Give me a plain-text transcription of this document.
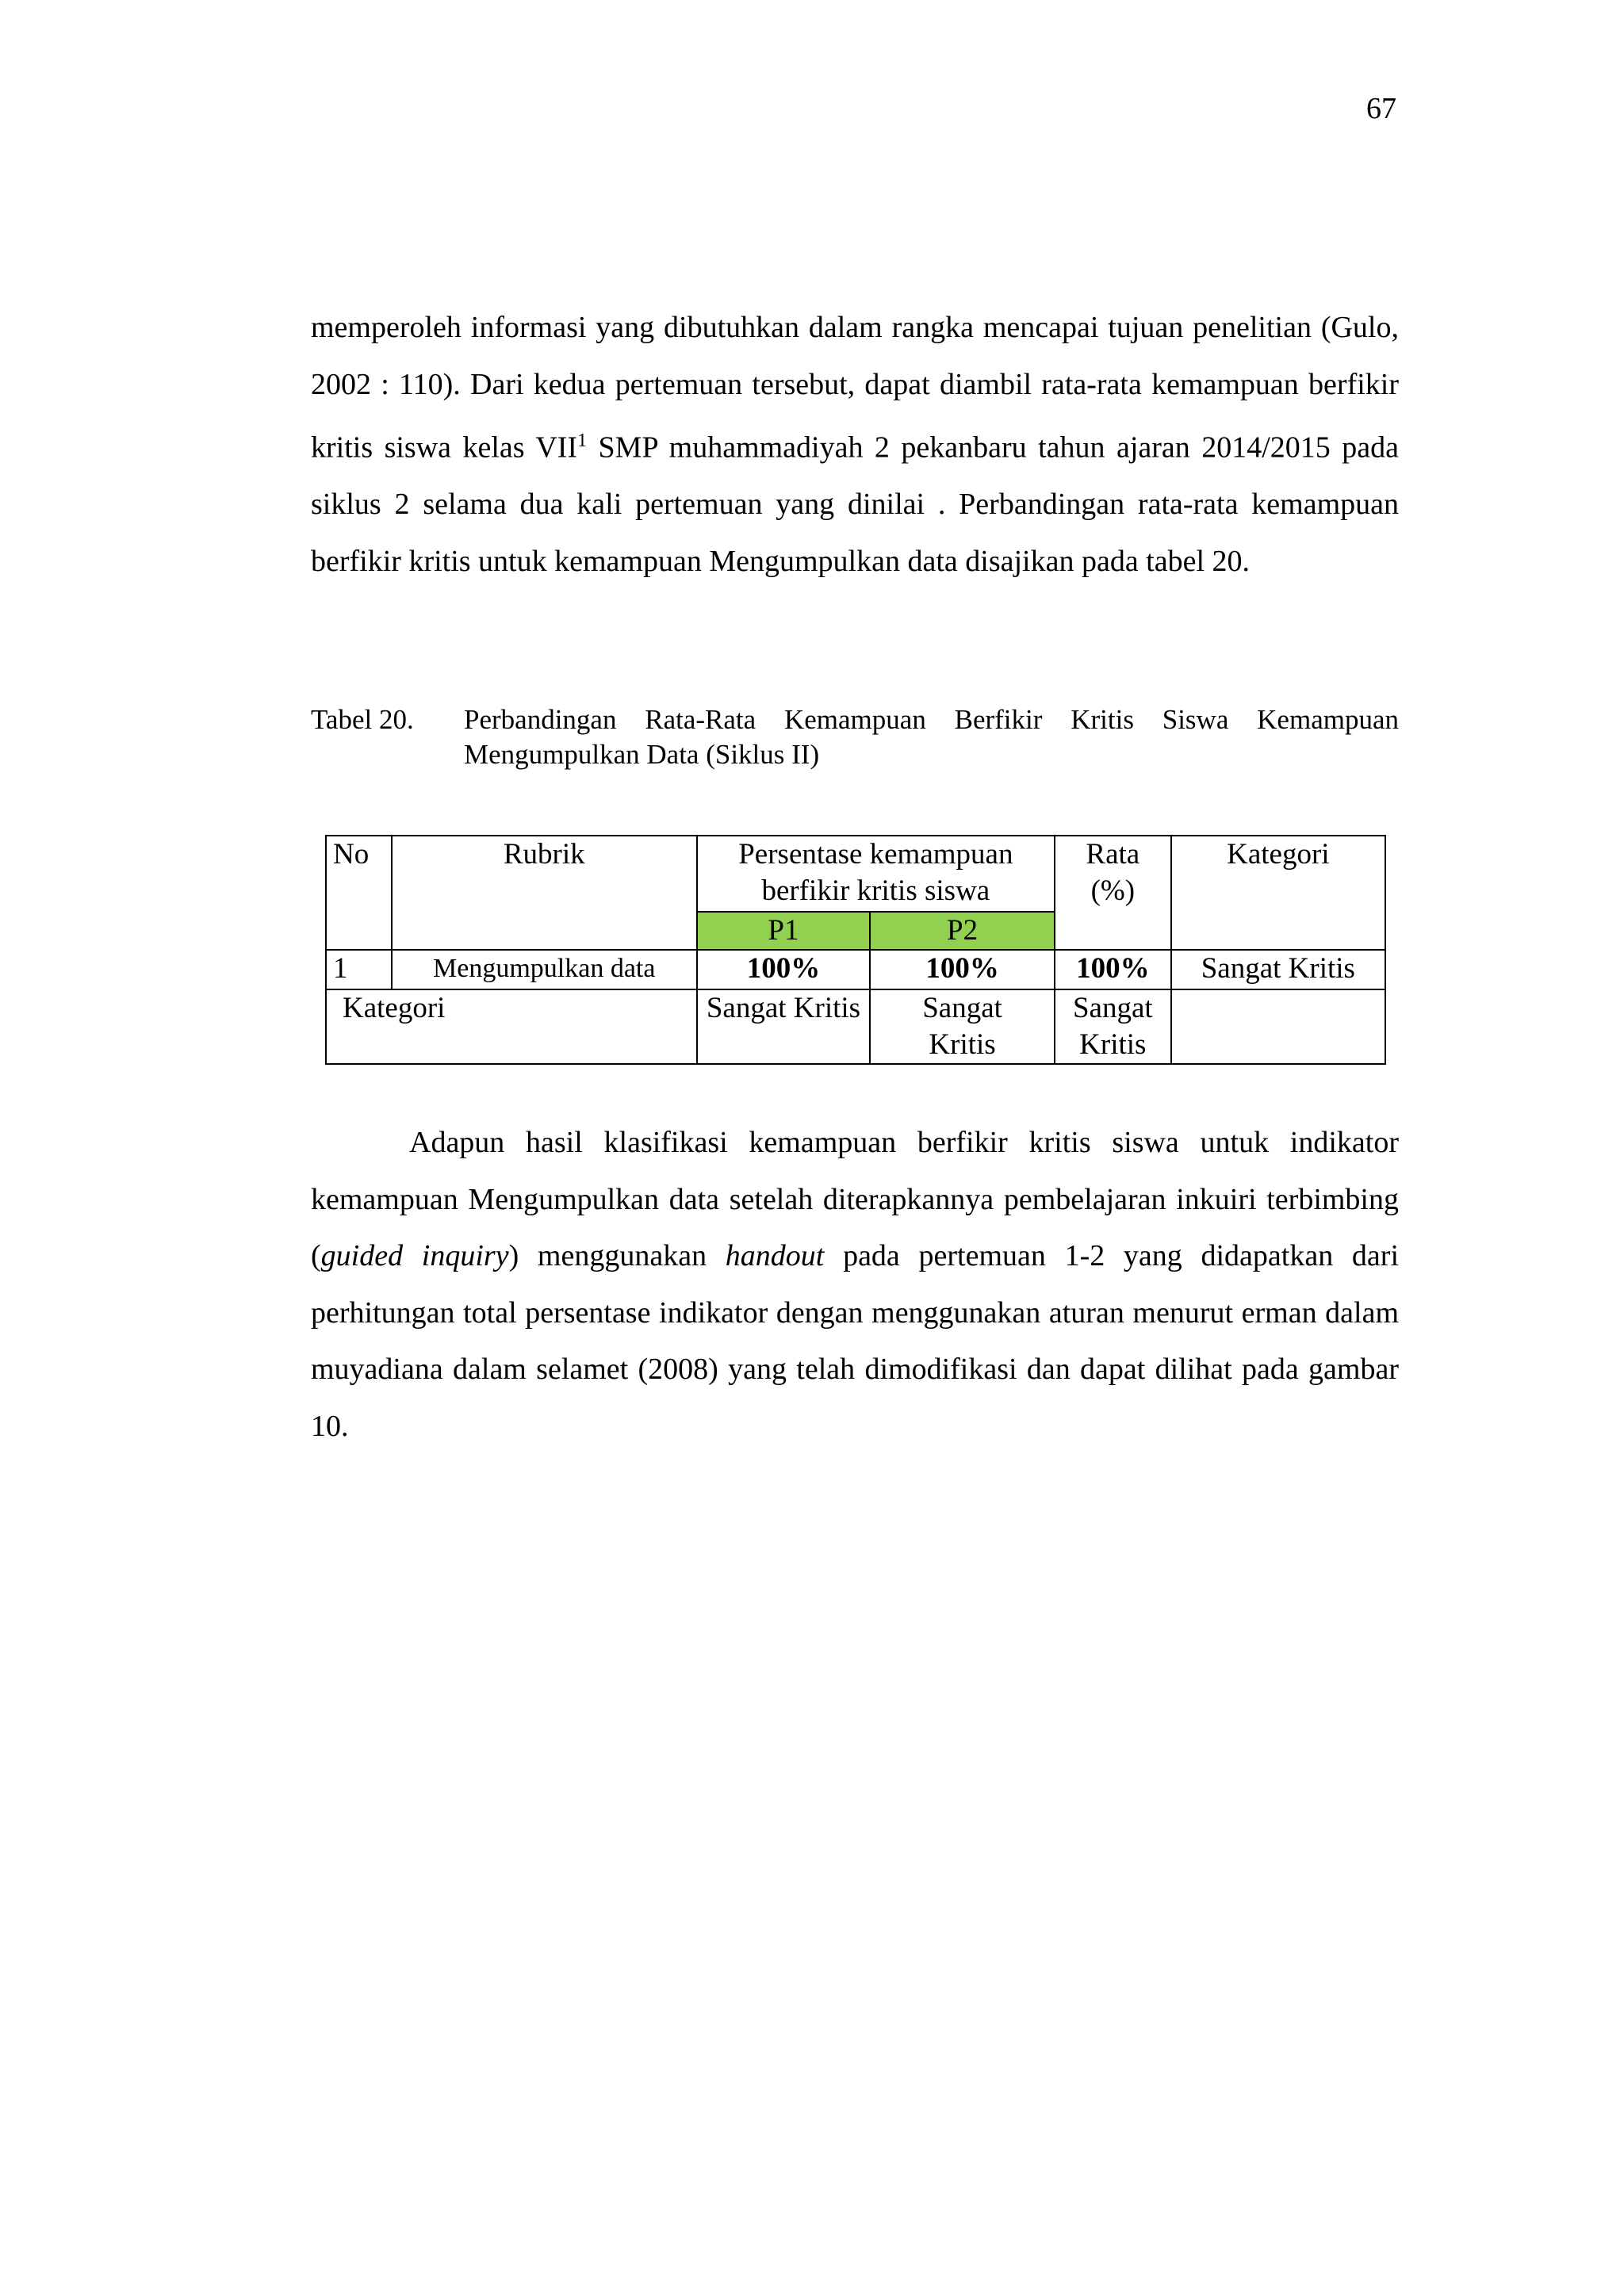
67

memperoleh informasi yang dibutuhkan dalam rangka mencapai tujuan penelitian (Gulo, 2002 : 110). Dari kedua pertemuan tersebut, dapat diambil rata-rata kemampuan berfikir kritis siswa kelas VII$^1$ SMP muhammadiyah 2 pekanbaru tahun ajaran 2014/2015 pada siklus 2 selama dua kali pertemuan yang dinilai . Perbandingan rata-rata kemampuan berfikir kritis untuk kemampuan Mengumpulkan data disajikan pada tabel 20.

Tabel 20. Perbandingan Rata-Rata Kemampuan Berfikir Kritis Siswa Kemampuan Mengumpulkan Data (Siklus II)
No	Rubrik	Persentase kemampuan berfikir kritis siswa		Rata (%)	Kategori
		P1	P2		
1	Mengumpulkan data	100%	100%	100%	Sangat Kritis
Kategori		Sangat Kritis	Sangat Kritis	Sangat Kritis	

Adapun hasil klasifikasi kemampuan berfikir kritis siswa untuk indikator kemampuan Mengumpulkan data setelah diterapkannya pembelajaran inkuiri terbimbing (guided inquiry) menggunakan handout pada pertemuan 1-2 yang didapatkan dari perhitungan total persentase indikator dengan menggunakan aturan menurut erman dalam muyadiana dalam selamet (2008) yang telah dimodifikasi dan dapat dilihat pada gambar 10.
